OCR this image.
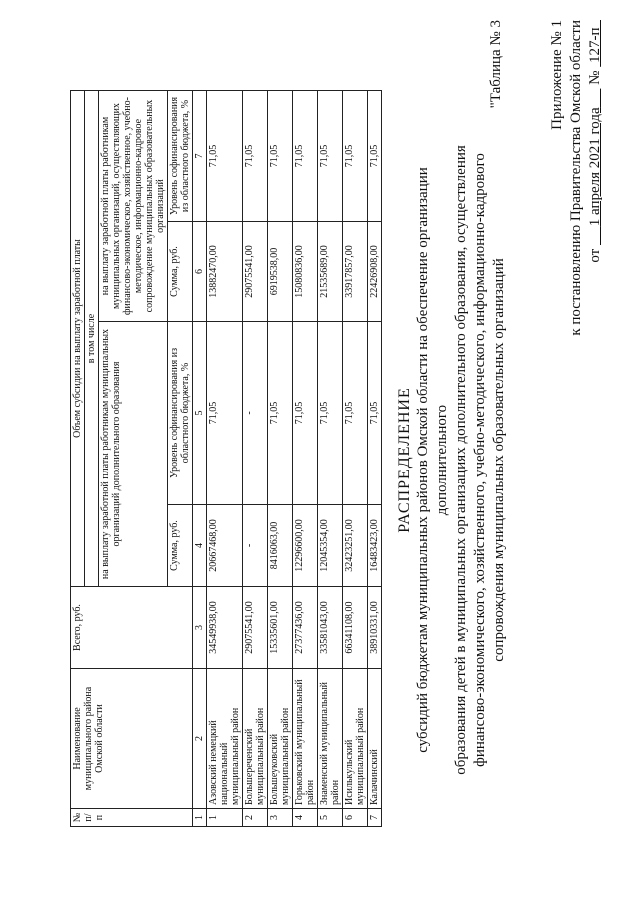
Приложение № 1 к постановлению Правительства Омской области от      1 апреля 2021 года      №  127-п
"Таблица № 3
РАСПРЕДЕЛЕНИЕ субсидий бюджетам муниципальных районов Омской области на обеспечение организации дополнительного образования детей в муниципальных организациях дополнительного образования, осуществления финансово-экономического, хозяйственного, учебно-методического, информационно-кадрового сопровождения муниципальных образовательных организаций
№ п/п	Наименование муниципального района Омской области	Всего, руб.	Объем субсидии на выплату заработной платы			
			в том числе			
			на выплату заработной платы работникам муниципальных организаций дополнительного образования		на выплату заработной платы работникам муниципальных организаций, осуществляющих финансово-экономическое, хозяйственное, учебно-методическое, информационно-кадровое сопровождение муниципальных образовательных организаций	
			Сумма, руб.	Уровень софинансирования из областного бюджета, %	Сумма, руб.	Уровень софинансирования из областного бюджета, %
1	2	3	4	5	6	7
1	Азовский немецкий национальный муниципальный район	34549938,00	20667468,00	71,05	13882470,00	71,05
2	Большереченский муниципальный район	29075541,00	-	-	29075541,00	71,05
3	Большеуковский муниципальный район	15335601,00	8416063,00	71,05	6919538,00	71,05
4	Горьковский муниципальный район	27377436,00	12296600,00	71,05	15080836,00	71,05
5	Знаменский муниципальный район	33581043,00	12045354,00	71,05	21535689,00	71,05
6	Исилькульский муниципальный район	66341108,00	32423251,00	71,05	33917857,00	71,05
7	Калачинский	38910331,00	16483423,00	71,05	22426908,00	71,05
